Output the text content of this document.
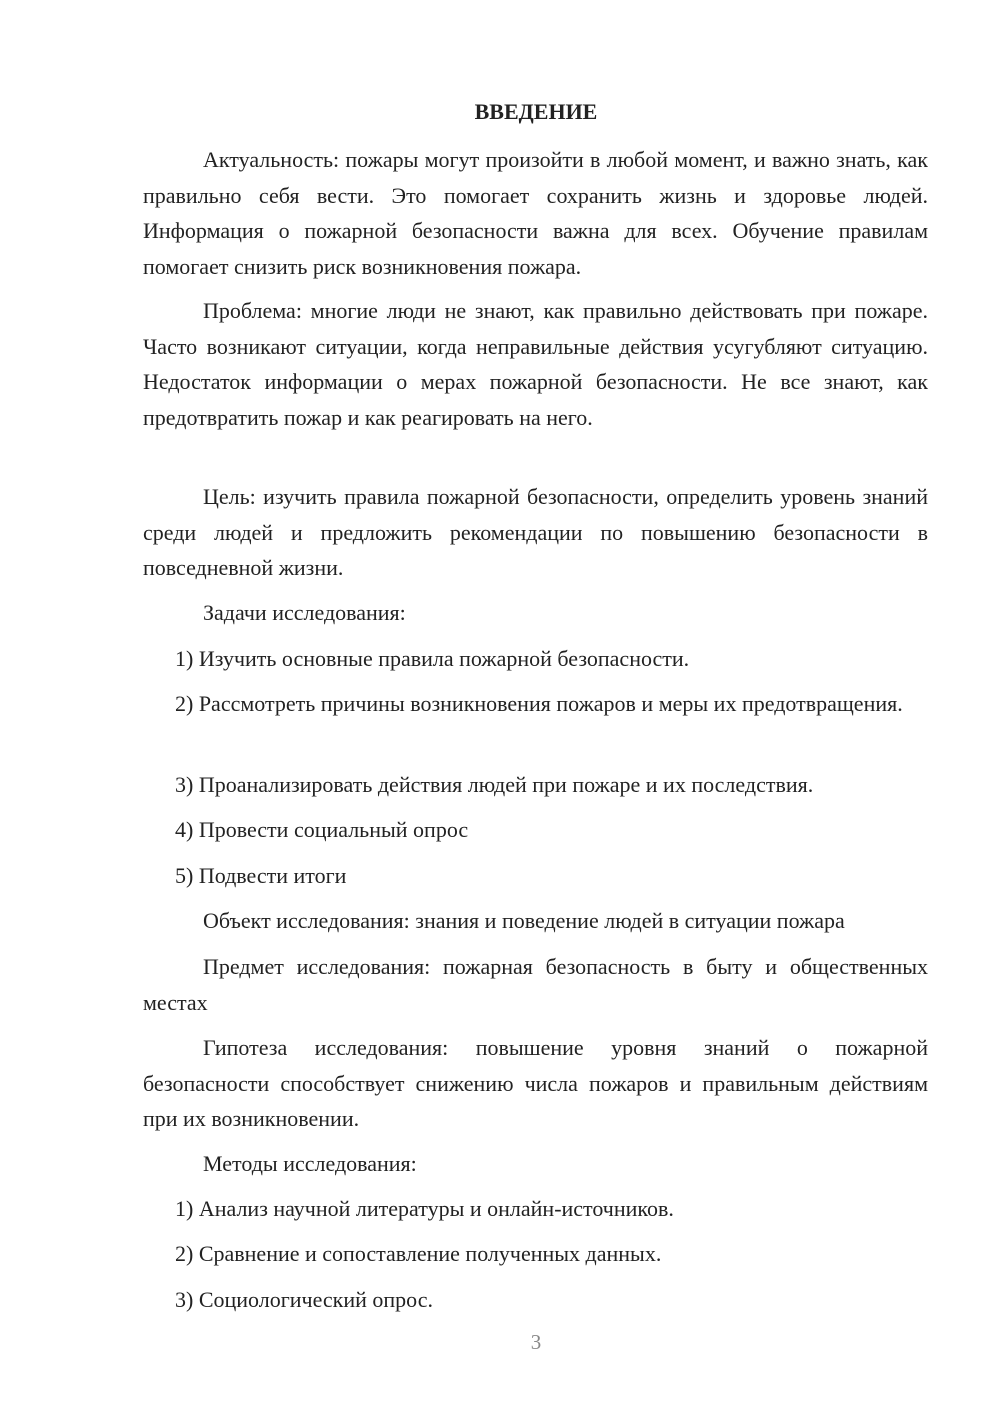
ВВЕДЕНИЕ

Актуальность: пожары могут произойти в любой момент, и важно знать, как правильно себя вести. Это помогает сохранить жизнь и здоровье людей. Информация о пожарной безопасности важна для всех. Обучение правилам помогает снизить риск возникновения пожара.

Проблема: многие люди не знают, как правильно действовать при пожаре. Часто возникают ситуации, когда неправильные действия усугубляют ситуацию. Недостаток информации о мерах пожарной безопасности. Не все знают, как предотвратить пожар и как реагировать на него.

Цель: изучить правила пожарной безопасности, определить уровень знаний среди людей и предложить рекомендации по повышению безопасности в повседневной жизни.

Задачи исследования:

1) Изучить основные правила пожарной безопасности.

2) Рассмотреть причины возникновения пожаров и меры их предотвращения.

3) Проанализировать действия людей при пожаре и их последствия.

4) Провести социальный опрос

5) Подвести итоги

Объект исследования: знания и поведение людей в ситуации пожара

Предмет исследования: пожарная безопасность в быту и общественных местах

Гипотеза исследования: повышение уровня знаний о пожарной безопасности способствует снижению числа пожаров и правильным действиям при их возникновении.

Методы исследования:

1) Анализ научной литературы и онлайн-источников.

2) Сравнение и сопоставление полученных данных.

3) Социологический опрос.

3
